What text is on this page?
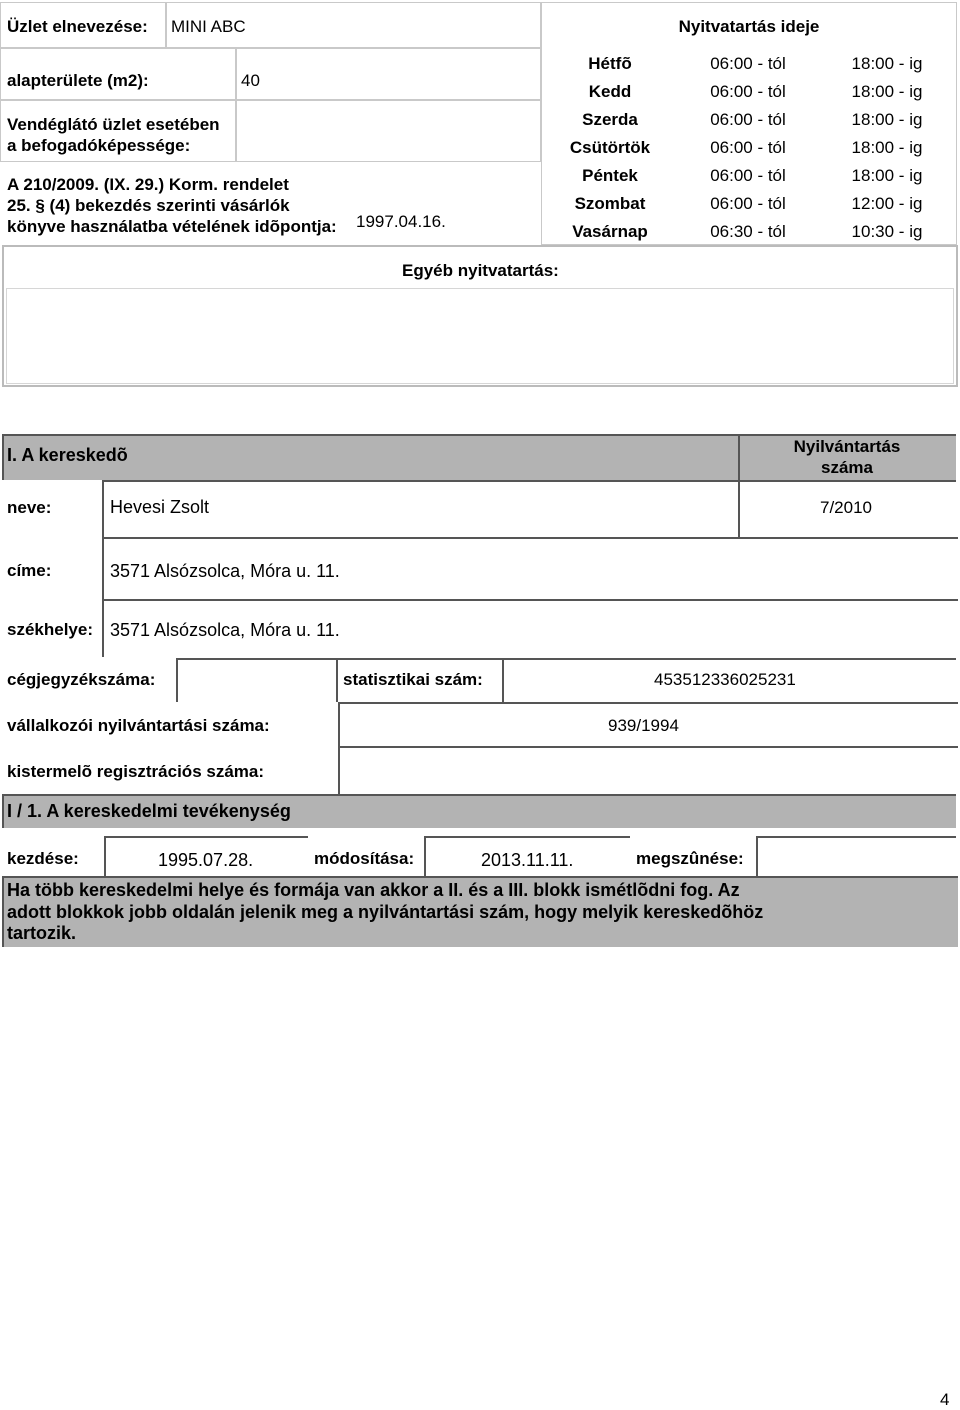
Üzlet elnevezése: MINI ABC
alapterülete (m2):	40
Vendéglátó üzlet esetében
a befogadóképessége:
A 210/2009. (IX. 29.) Korm. rendelet
25. § (4) bekezdés szerinti vásárlók
könyve használatba vételének idõpontja: 1997.04.16.
Nyitvatartás ideje
Hétfõ	06:00 - tól	18:00 - ig
Kedd	06:00 - tól	18:00 - ig
Szerda	06:00 - tól	18:00 - ig
Csütörtök	06:00 - tól	18:00 - ig
Péntek	06:00 - tól	18:00 - ig
Szombat	06:00 - tól	12:00 - ig
Vasárnap	06:30 - tól	10:30 - ig
Egyéb nyitvatartás:
I. A kereskedõ	Nyilvántartás
száma
neve:	Hevesi Zsolt	7/2010
címe:	3571 Alsózsolca, Móra u. 11.
székhelye: 3571 Alsózsolca, Móra u. 11.
cégjegyzékszáma:	statisztikai szám:	453512336025231
vállalkozói nyilvántartási száma:	939/1994
kistermelõ regisztrációs száma:
I / 1. A kereskedelmi tevékenység
kezdése:	1995.07.28.	módosítása:	2013.11.11.	megszûnése:
Ha több kereskedelmi helye és formája van akkor a II. és a III. blokk ismétlõdni fog. Az
adott blokkok jobb oldalán jelenik meg a nyilvántartási szám, hogy melyik kereskedõhöz
tartozik.
4
